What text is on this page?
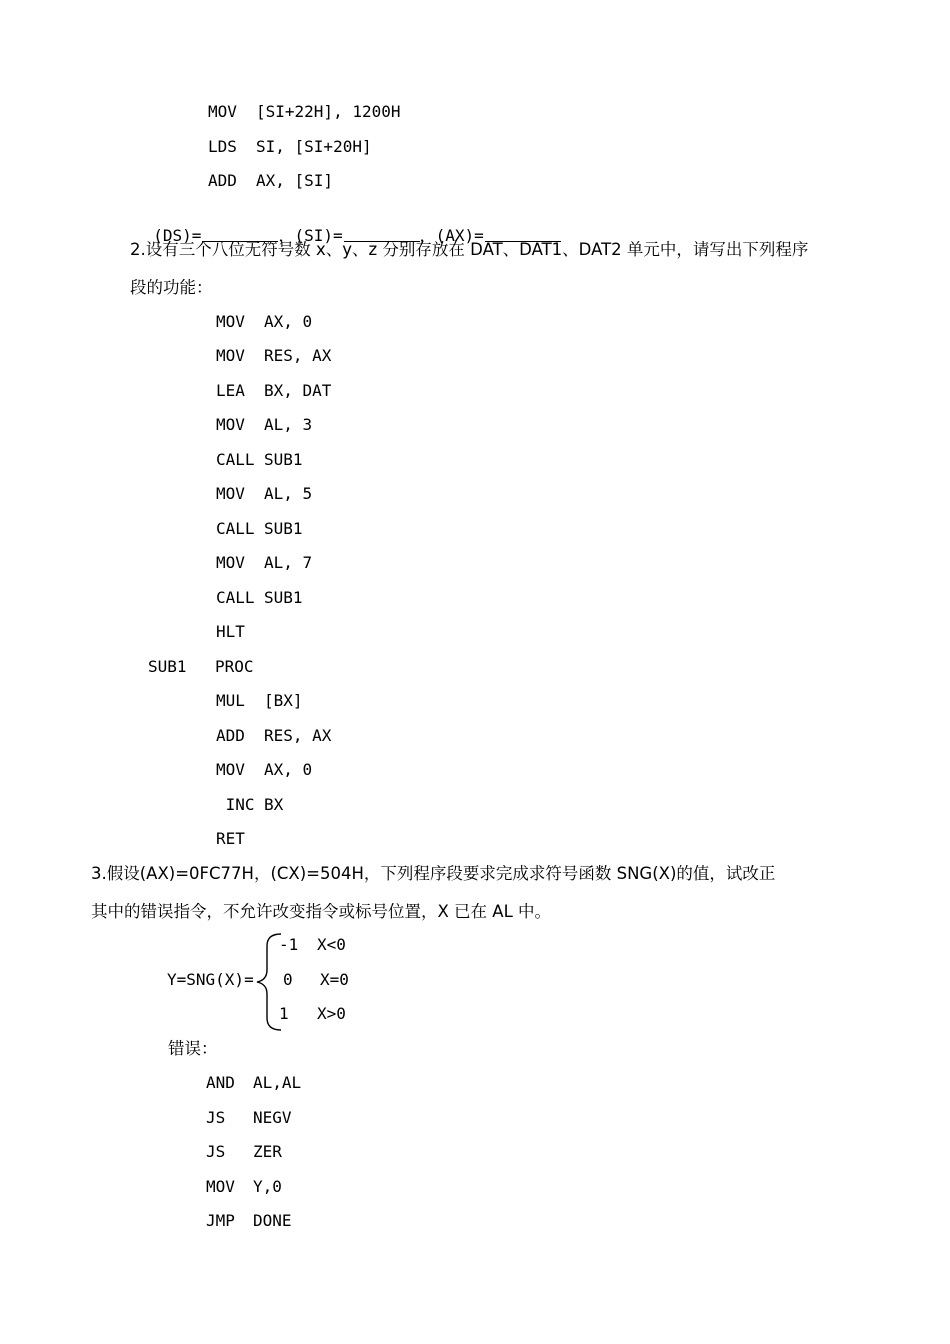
MOV [SI+22H], 1200H
LDS SI, [SI+20H]
ADD AX, [SI]

(DS)=	，(SI)=	，(AX)=

2.设有三个八位无符号数 x、y、z 分别存放在 DAT、DAT1、DAT2 单元中，请写出下列程序
段的功能：
MOV AX, 0
MOV RES, AX
LEA BX, DAT
MOV AL, 3
CALL SUB1
MOV AL, 5
CALL SUB1
MOV AL, 7
CALL SUB1
HLT
SUB1 PROC
MUL [BX]
ADD RES, AX
MOV AX, 0
INC BX
RET
3.假设(AX)=0FC77H，(CX)=504H，下列程序段要求完成求符号函数 SNG(X)的值，试改正
其中的错误指令，不允许改变指令或标号位置，X 已在 AL 中。
Y=SNG(X)=
-1 X<0
0 X=0
1 X>0
错误：
AND AL,AL
JS NEGV
JS ZER
MOV Y,0
JMP DONE
